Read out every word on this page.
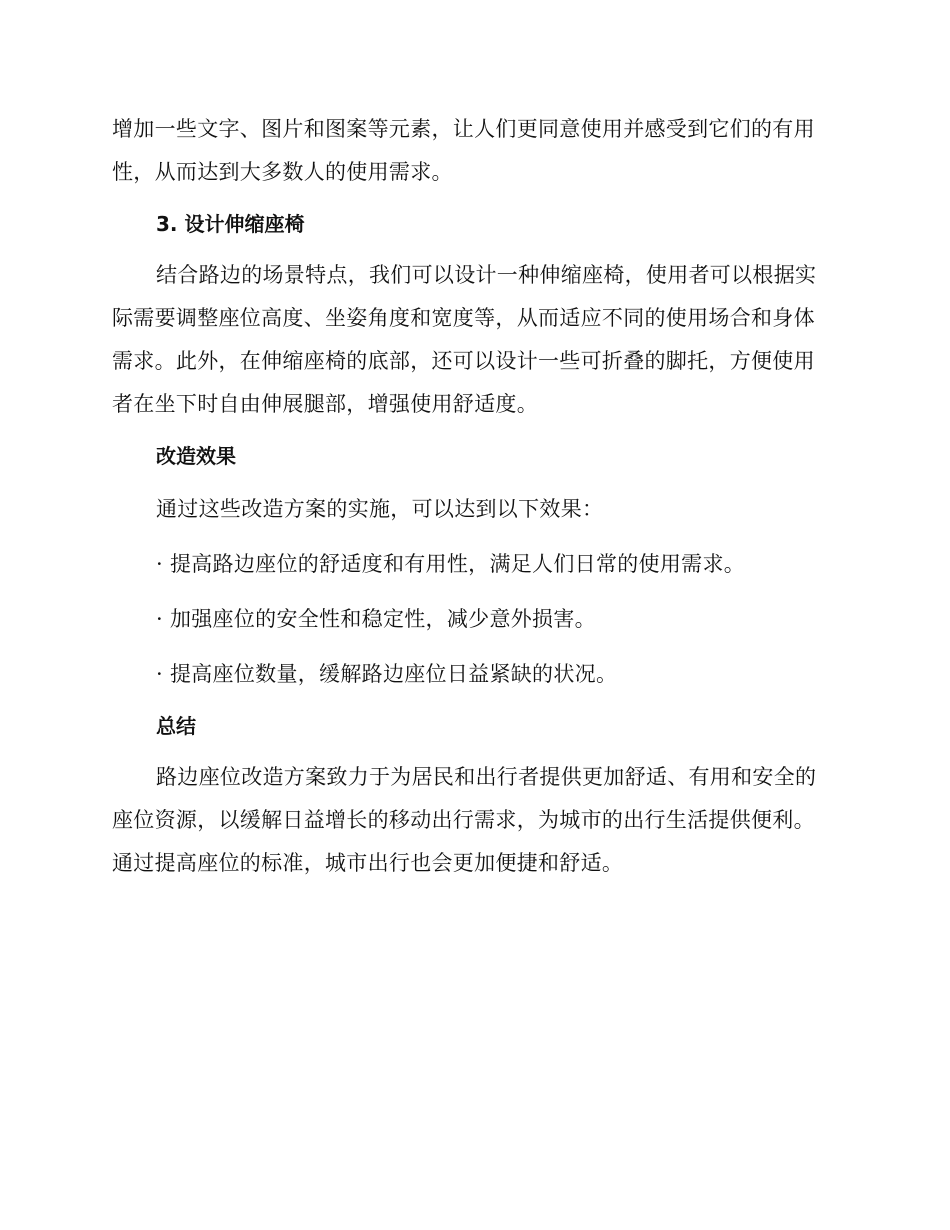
增加一些文字、图片和图案等元素，让人们更同意使用并感受到它们的有用性，从而达到大多数人的使用需求。

3. 设计伸缩座椅

结合路边的场景特点，我们可以设计一种伸缩座椅，使用者可以根据实际需要调整座位高度、坐姿角度和宽度等，从而适应不同的使用场合和身体需求。此外，在伸缩座椅的底部，还可以设计一些可折叠的脚托，方便使用者在坐下时自由伸展腿部，增强使用舒适度。

改造效果

通过这些改造方案的实施，可以达到以下效果：

· 提高路边座位的舒适度和有用性，满足人们日常的使用需求。

· 加强座位的安全性和稳定性，减少意外损害。

· 提高座位数量，缓解路边座位日益紧缺的状况。

总结

路边座位改造方案致力于为居民和出行者提供更加舒适、有用和安全的座位资源，以缓解日益增长的移动出行需求，为城市的出行生活提供便利。通过提高座位的标准，城市出行也会更加便捷和舒适。
